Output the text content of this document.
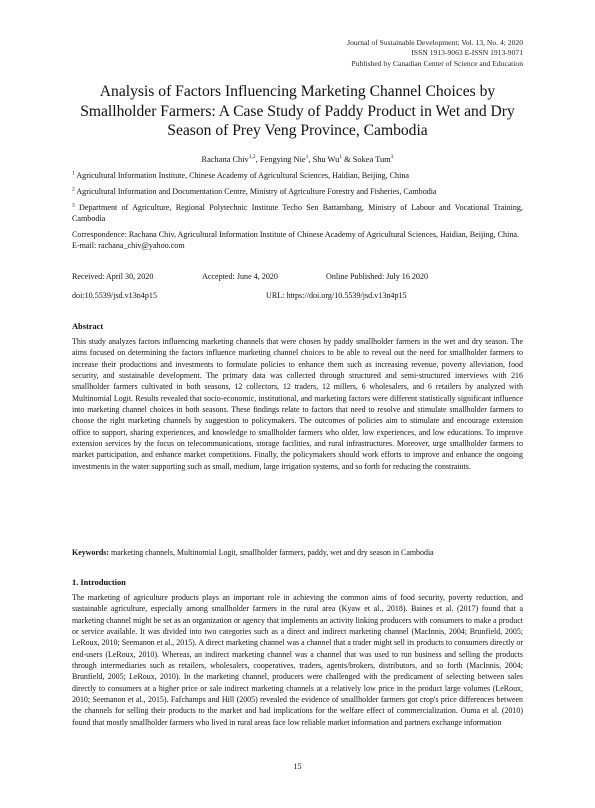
Journal of Sustainable Development; Vol. 13, No. 4; 2020
ISSN 1913-9063 E-ISSN 1913-9071
Published by Canadian Center of Science and Education
Analysis of Factors Influencing Marketing Channel Choices by Smallholder Farmers: A Case Study of Paddy Product in Wet and Dry Season of Prey Veng Province, Cambodia
Rachana Chiv$^{1,2}$, Fengying Nie$^1$, Shu Wu$^1$ & Sokea Tum$^3$
$^1$ Agricultural Information Institute, Chinese Academy of Agricultural Sciences, Haidian, Beijing, China
$^2$ Agricultural Information and Documentation Centre, Ministry of Agriculture Forestry and Fisheries, Cambodia
$^3$ Department of Agriculture, Regional Polytechnic Institute Techo Sen Battambang, Ministry of Labour and Vocational Training, Cambodia
Correspondence: Rachana Chiv, Agricultural Information Institute of Chinese Academy of Agricultural Sciences, Haidian, Beijing, China. E-mail: rachana_chiv@yahoo.com
Received: April 30, 2020	Accepted: June 4, 2020	Online Published: July 16 2020
doi:10.5539/jsd.v13n4p15	URL: https://doi.org/10.5539/jsd.v13n4p15
Abstract

This study analyzes factors influencing marketing channels that were chosen by paddy smallholder farmers in the wet and dry season. The aims focused on determining the factors influence marketing channel choices to be able to reveal out the need for smallholder farmers to increase their productions and investments to formulate policies to enhance them such as increasing revenue, poverty alleviation, food security, and sustainable development. The primary data was collected through structured and semi-structured interviews with 216 smallholder farmers cultivated in both seasons, 12 collectors, 12 traders, 12 millers, 6 wholesalers, and 6 retailers by analyzed with Multinomial Logit. Results revealed that socio-economic, institutional, and marketing factors were different statistically significant influence into marketing channel choices in both seasons. These findings relate to factors that need to resolve and stimulate smallholder farmers to choose the right marketing channels by suggestion to policymakers. The outcomes of policies aim to stimulate and encourage extension office to support, sharing experiences, and knowledge to smallholder farmers who older, low experiences, and low educations. To improve extension services by the focus on telecommunications, storage facilities, and rural infrastructures. Moreover, urge smallholder farmers to market participation, and enhance market competitions. Finally, the policymakers should work efforts to improve and enhance the ongoing investments in the water supporting such as small, medium, large irrigation systems, and so forth for reducing the constraints.

Keywords: marketing channels, Multinomial Logit, smallholder farmers, paddy, wet and dry season in Cambodia

1. Introduction

The marketing of agriculture products plays an important role in achieving the common aims of food security, poverty reduction, and sustainable agriculture, especially among smallholder farmers in the rural area (Kyaw et al., 2018). Baines et al. (2017) found that a marketing channel might be set as an organization or agency that implements an activity linking producers with consumers to make a product or service available. It was divided into two categories such as a direct and indirect marketing channel (MacInnis, 2004; Brunfield, 2005; LeRoux, 2010; Seemanon et al., 2015). A direct marketing channel was a channel that a trader might sell its products to consumers directly or end-users (LeRoux, 2010). Whereas, an indirect marketing channel was a channel that was used to run business and selling the products through intermediaries such as retailers, wholesalers, cooperatives, traders, agents/brokers, distributors, and so forth (MacInnis, 2004; Brunfield, 2005; LeRoux, 2010). In the marketing channel, producers were challenged with the predicament of selecting between sales directly to consumers at a higher price or sale indirect marketing channels at a relatively low price in the product large volumes (LeRoux, 2010; Seemanon et al., 2015). Fafchamps and Hill (2005) revealed the evidence of smallholder farmers got crop's price differences between the channels for selling their products to the market and had implications for the welfare effect of commercialization. Ouma et al. (2010) found that mostly smallholder farmers who lived in rural areas face low reliable market information and partners exchange information

15
